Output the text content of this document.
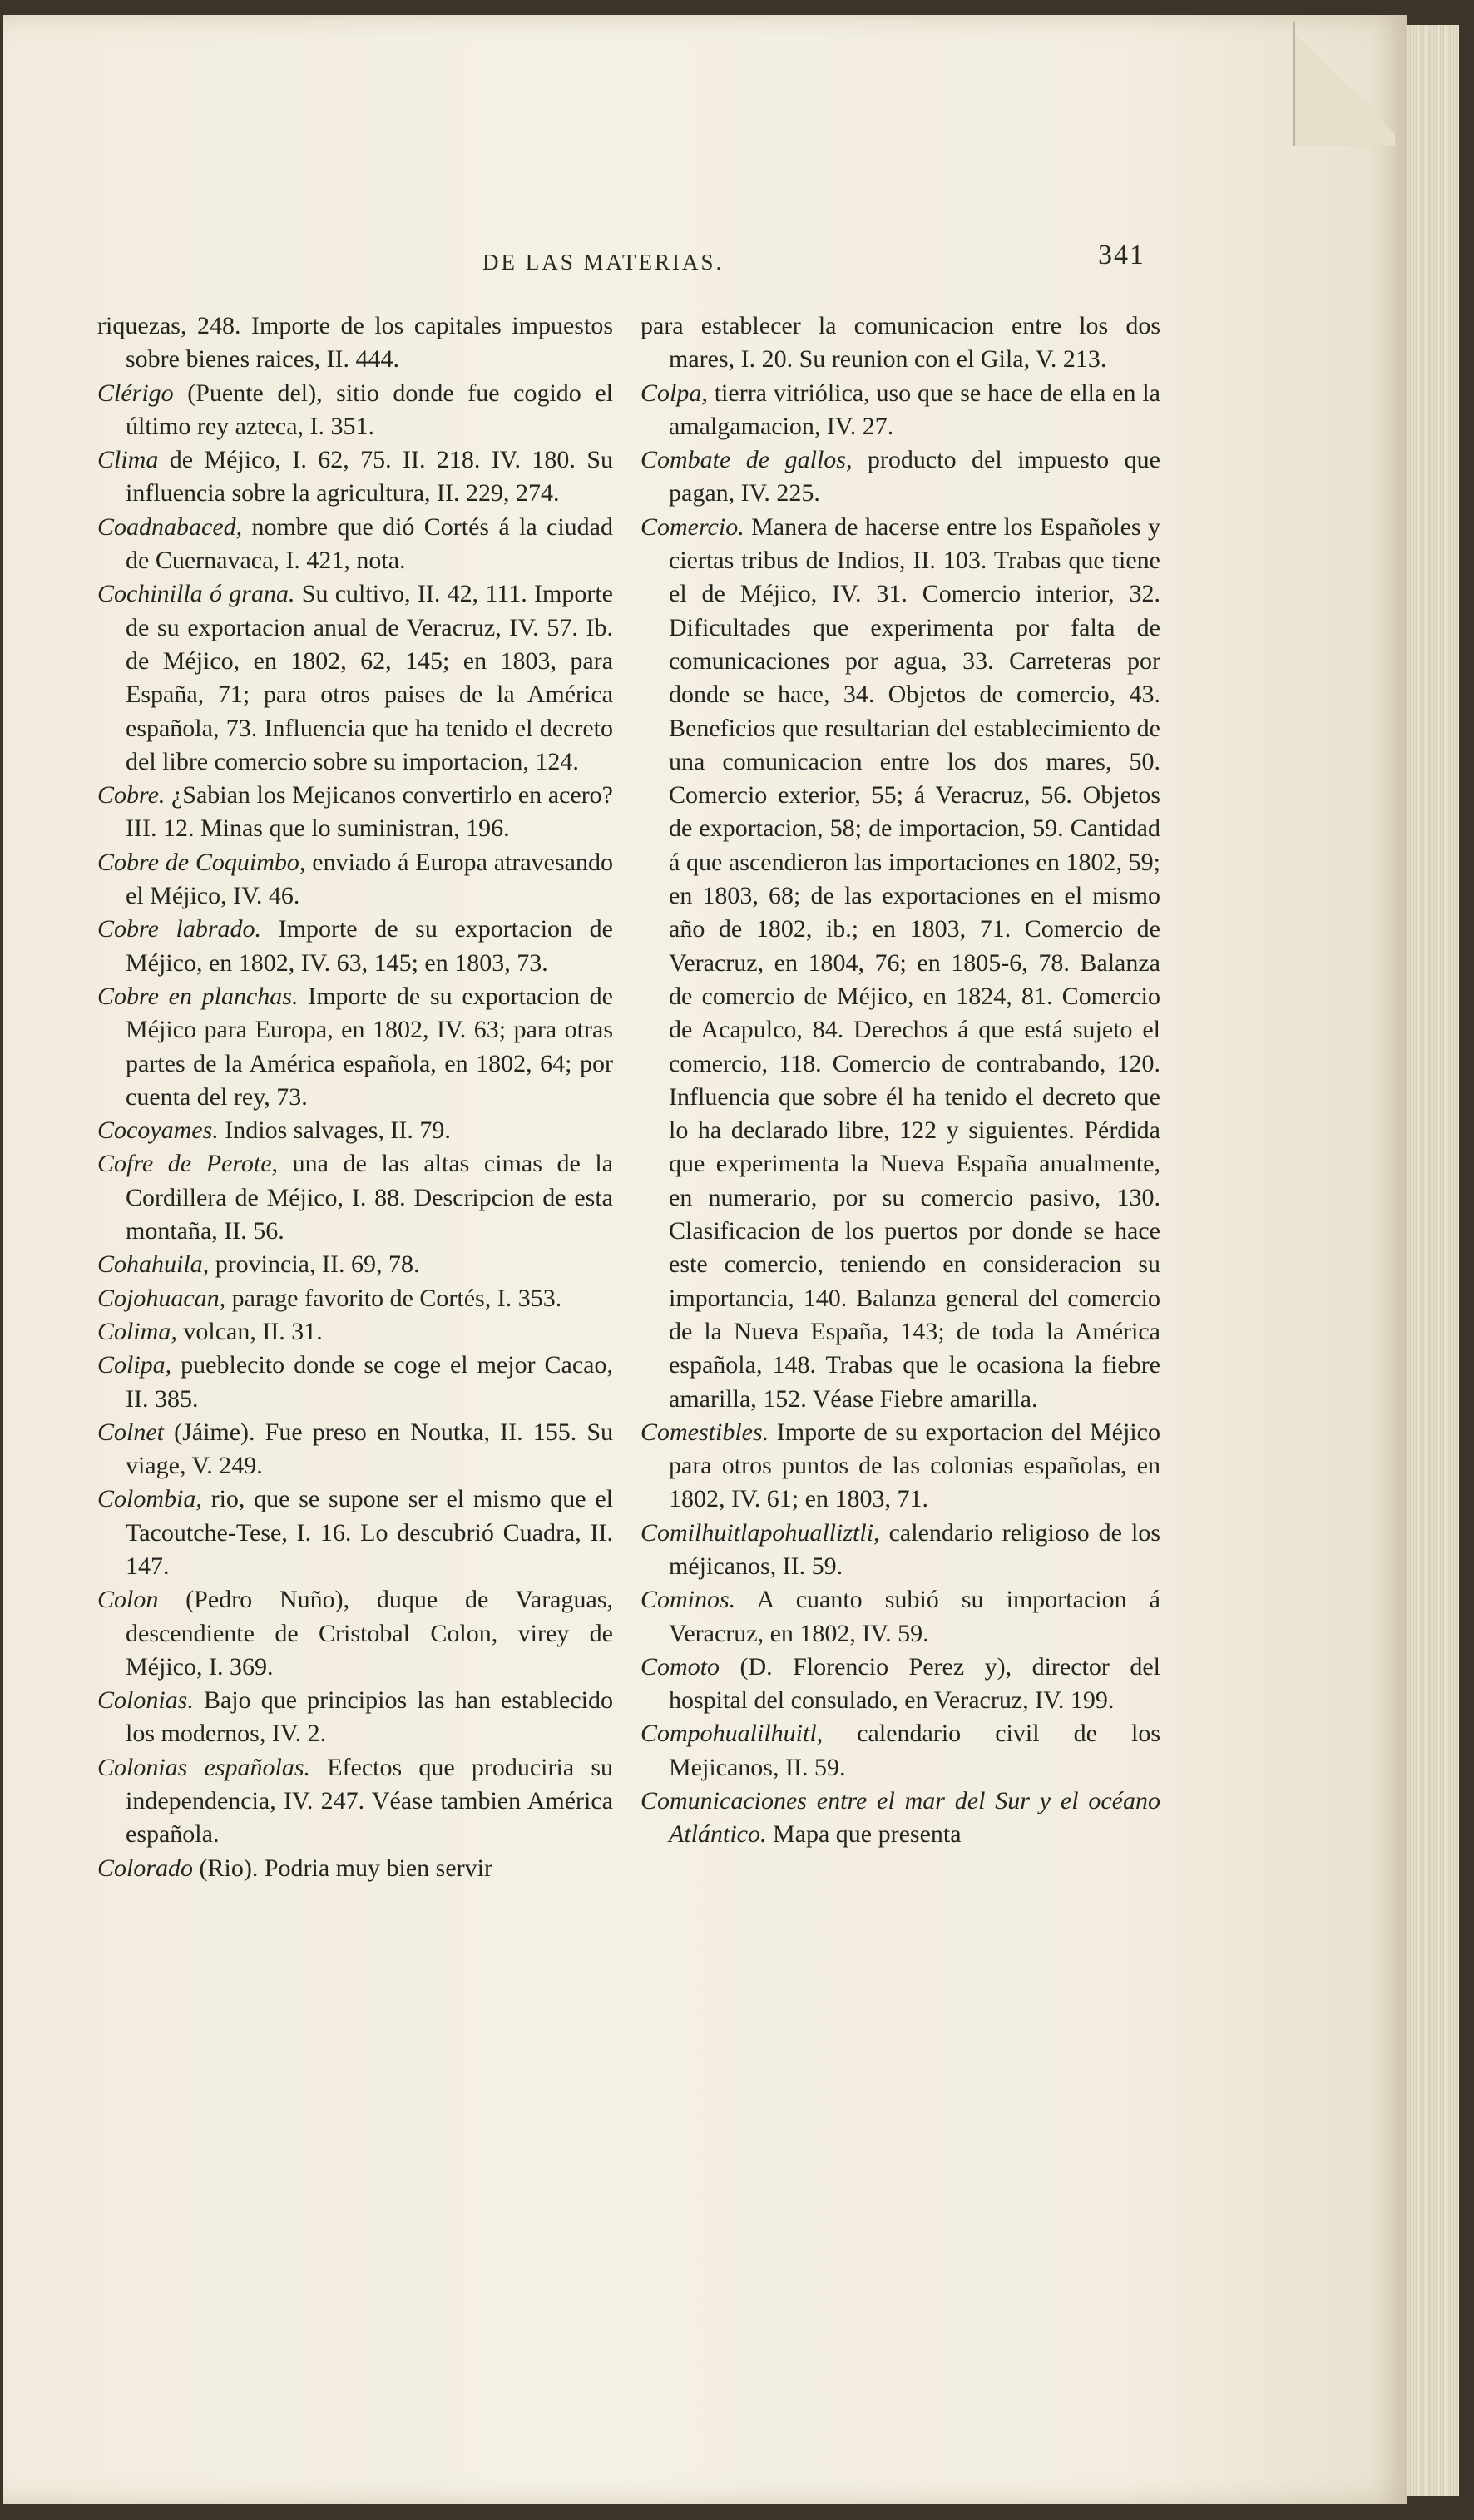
DE LAS MATERIAS.	341

riquezas, 248. Importe de los capitales impuestos sobre bienes raices, II. 444.

Clérigo (Puente del), sitio donde fue cogido el último rey azteca, I. 351.

Clima de Méjico, I. 62, 75. II. 218. IV. 180. Su influencia sobre la agricultura, II. 229, 274.

Coadnabaced, nombre que dió Cortés á la ciudad de Cuernavaca, I. 421, nota.

Cochinilla ó grana. Su cultivo, II. 42, 111. Importe de su exportacion anual de Veracruz, IV. 57. Ib. de Méjico, en 1802, 62, 145; en 1803, para España, 71; para otros paises de la América española, 73. Influencia que ha tenido el decreto del libre comercio sobre su importacion, 124.

Cobre. ¿Sabian los Mejicanos convertirlo en acero? III. 12. Minas que lo suministran, 196.

Cobre de Coquimbo, enviado á Europa atravesando el Méjico, IV. 46.

Cobre labrado. Importe de su exportacion de Méjico, en 1802, IV. 63, 145; en 1803, 73.

Cobre en planchas. Importe de su exportacion de Méjico para Europa, en 1802, IV. 63; para otras partes de la América española, en 1802, 64; por cuenta del rey, 73.

Cocoyames. Indios salvages, II. 79.

Cofre de Perote, una de las altas cimas de la Cordillera de Méjico, I. 88. Descripcion de esta montaña, II. 56.

Cohahuila, provincia, II. 69, 78.

Cojohuacan, parage favorito de Cortés, I. 353.

Colima, volcan, II. 31.

Colipa, pueblecito donde se coge el mejor Cacao, II. 385.

Colnet (Jáime). Fue preso en Noutka, II. 155. Su viage, V. 249.

Colombia, rio, que se supone ser el mismo que el Tacoutche-Tese, I. 16. Lo descubrió Cuadra, II. 147.

Colon (Pedro Nuño), duque de Varaguas, descendiente de Cristobal Colon, virey de Méjico, I. 369.

Colonias. Bajo que principios las han establecido los modernos, IV. 2.

Colonias españolas. Efectos que produciria su independencia, IV. 247. Véase tambien América española.

Colorado (Rio). Podria muy bien servir

para establecer la comunicacion entre los dos mares, I. 20. Su reunion con el Gila, V. 213.

Colpa, tierra vitriólica, uso que se hace de ella en la amalgamacion, IV. 27.

Combate de gallos, producto del impuesto que pagan, IV. 225.

Comercio. Manera de hacerse entre los Españoles y ciertas tribus de Indios, II. 103. Trabas que tiene el de Méjico, IV. 31. Comercio interior, 32. Dificultades que experimenta por falta de comunicaciones por agua, 33. Carreteras por donde se hace, 34. Objetos de comercio, 43. Beneficios que resultarian del establecimiento de una comunicacion entre los dos mares, 50. Comercio exterior, 55; á Veracruz, 56. Objetos de exportacion, 58; de importacion, 59. Cantidad á que ascendieron las importaciones en 1802, 59; en 1803, 68; de las exportaciones en el mismo año de 1802, ib.; en 1803, 71. Comercio de Veracruz, en 1804, 76; en 1805-6, 78. Balanza de comercio de Méjico, en 1824, 81. Comercio de Acapulco, 84. Derechos á que está sujeto el comercio, 118. Comercio de contrabando, 120. Influencia que sobre él ha tenido el decreto que lo ha declarado libre, 122 y siguientes. Pérdida que experimenta la Nueva España anualmente, en numerario, por su comercio pasivo, 130. Clasificacion de los puertos por donde se hace este comercio, teniendo en consideracion su importancia, 140. Balanza general del comercio de la Nueva España, 143; de toda la América española, 148. Trabas que le ocasiona la fiebre amarilla, 152. Véase Fiebre amarilla.

Comestibles. Importe de su exportacion del Méjico para otros puntos de las colonias españolas, en 1802, IV. 61; en 1803, 71.

Comilhuitlapohualliztli, calendario religioso de los méjicanos, II. 59.

Cominos. A cuanto subió su importacion á Veracruz, en 1802, IV. 59.

Comoto (D. Florencio Perez y), director del hospital del consulado, en Veracruz, IV. 199.

Compohualilhuitl, calendario civil de los Mejicanos, II. 59.

Comunicaciones entre el mar del Sur y el océano Atlántico. Mapa que presenta
